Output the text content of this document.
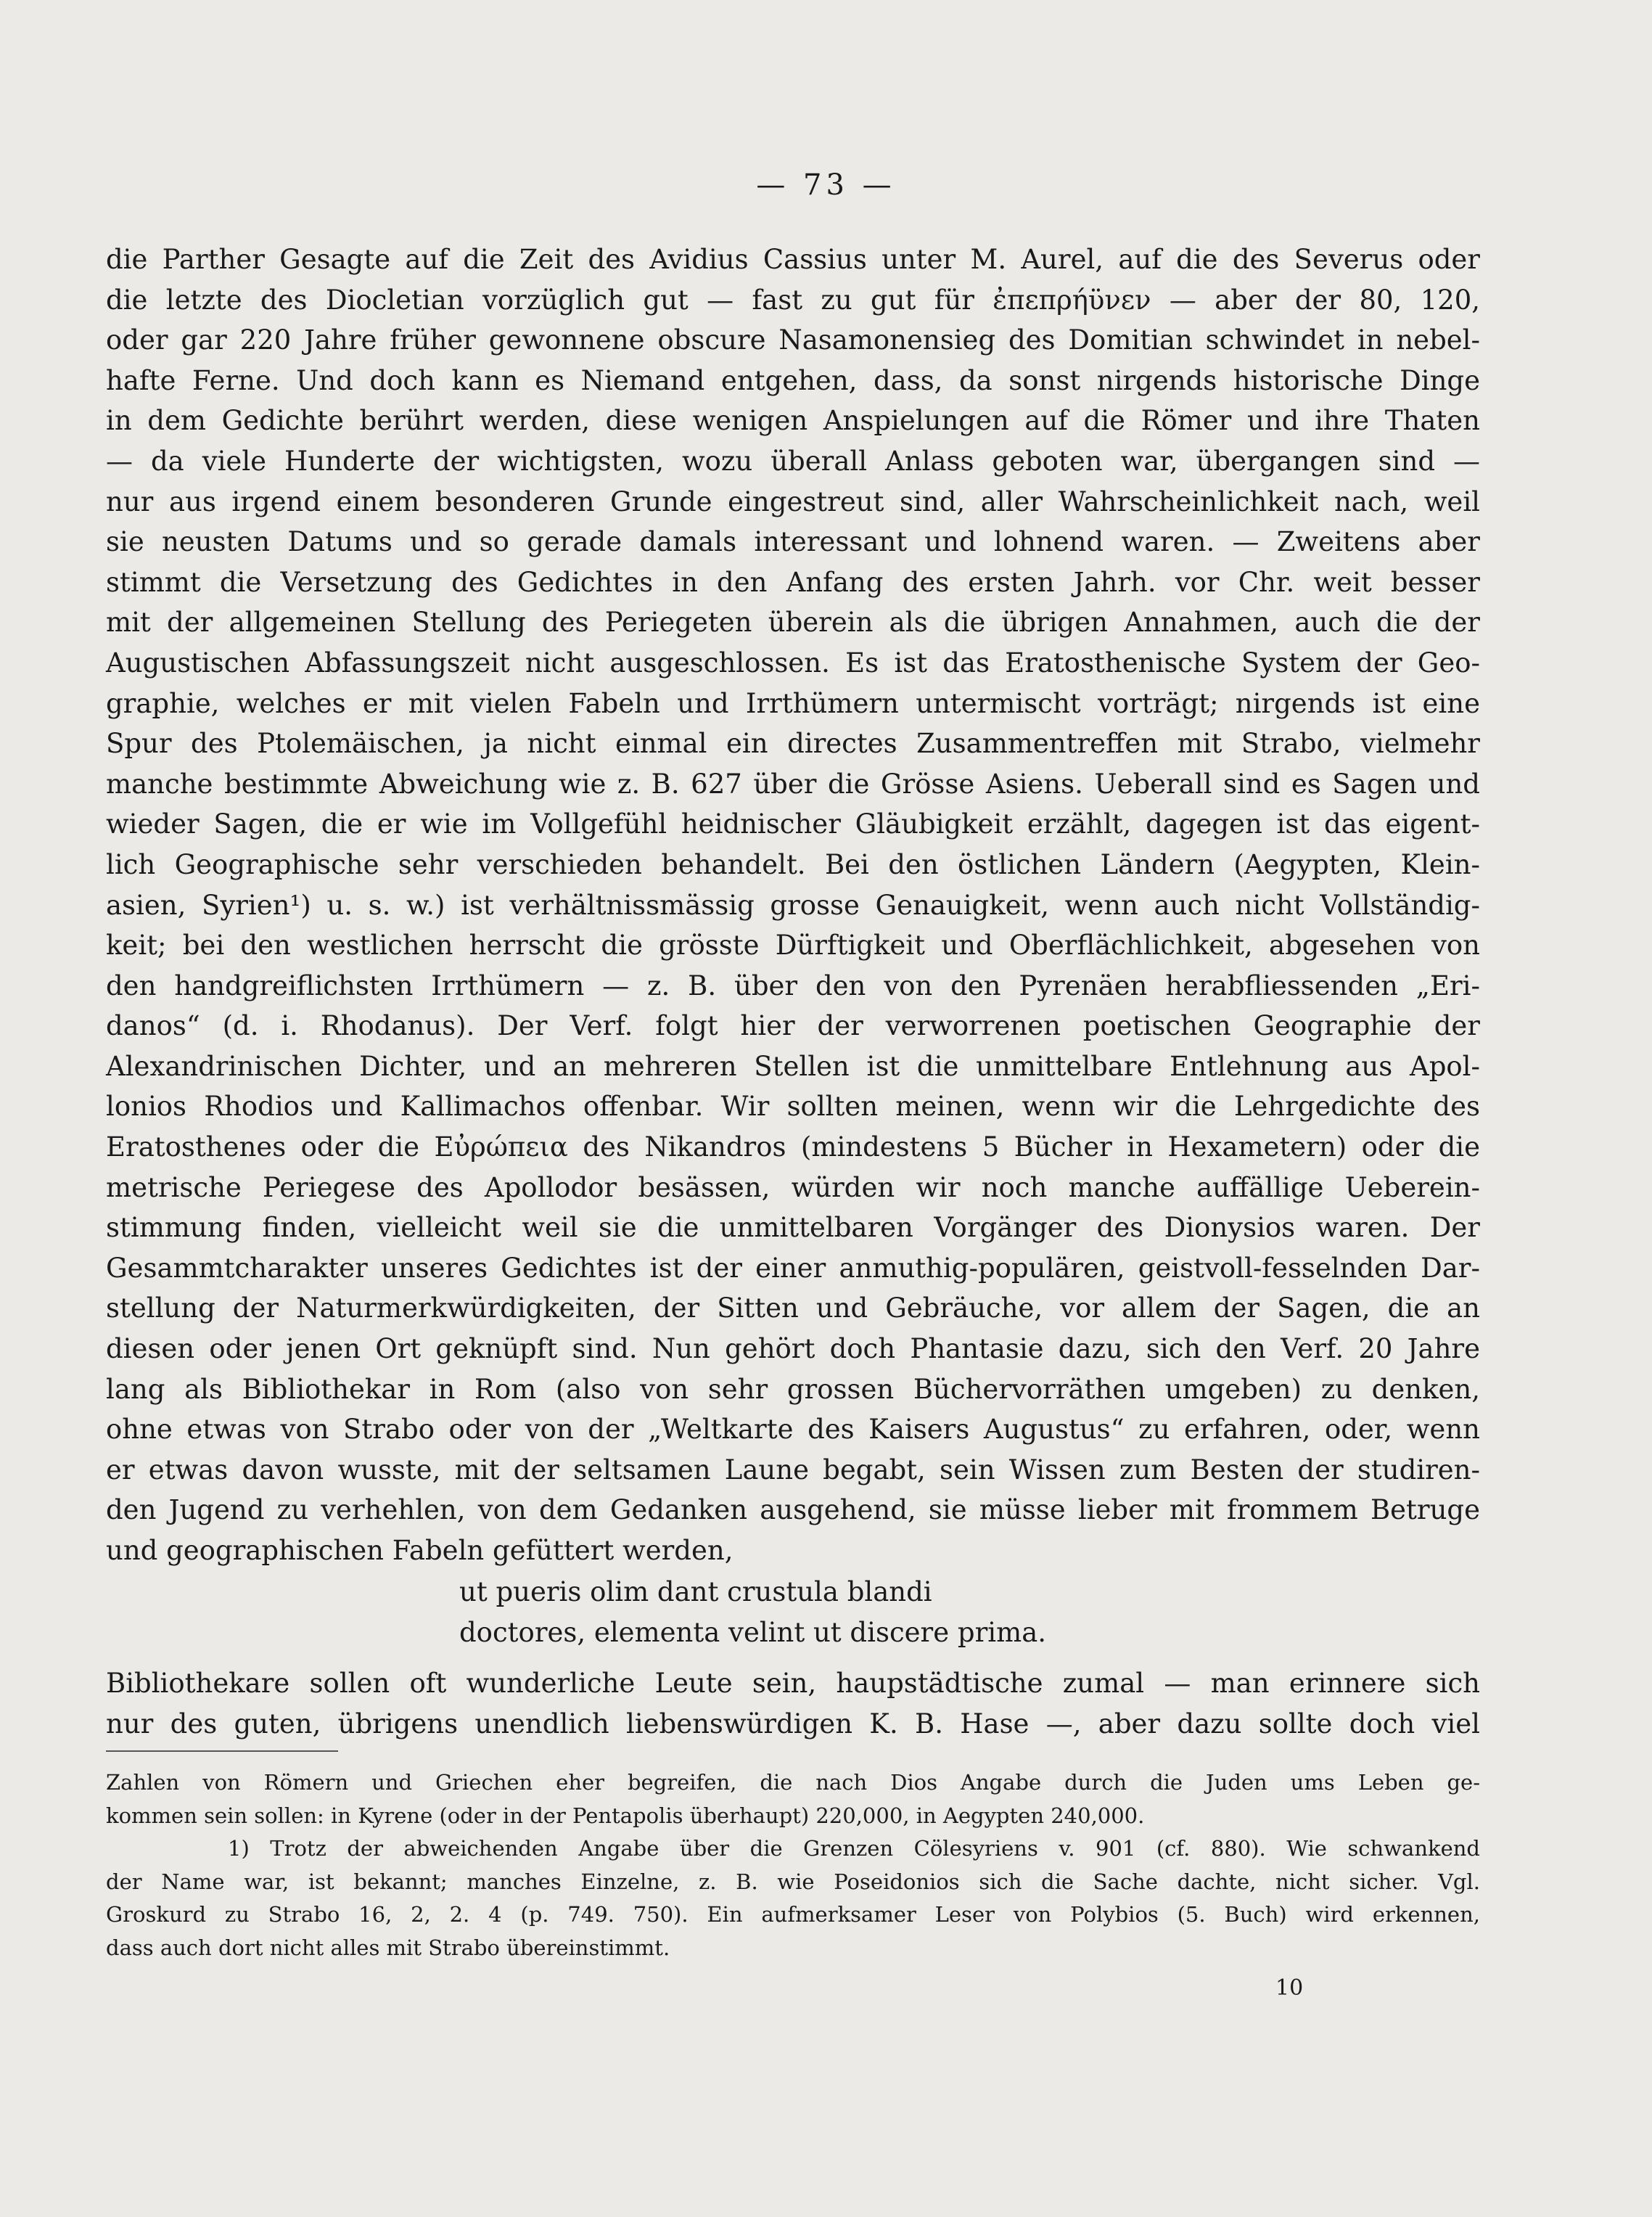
— 73 —
die Parther Gesagte auf die Zeit des Avidius Cassius unter M. Aurel, auf die des Severus oder
die letzte des Diocletian vorzüglich gut — fast zu gut für ἐπεπρήϋνεν — aber der 80, 120,
oder gar 220 Jahre früher gewonnene obscure Nasamonensieg des Domitian schwindet in nebel-
hafte Ferne. Und doch kann es Niemand entgehen, dass, da sonst nirgends historische Dinge
in dem Gedichte berührt werden, diese wenigen Anspielungen auf die Römer und ihre Thaten
— da viele Hunderte der wichtigsten, wozu überall Anlass geboten war, übergangen sind —
nur aus irgend einem besonderen Grunde eingestreut sind, aller Wahrscheinlichkeit nach, weil
sie neusten Datums und so gerade damals interessant und lohnend waren. — Zweitens aber
stimmt die Versetzung des Gedichtes in den Anfang des ersten Jahrh. vor Chr. weit besser
mit der allgemeinen Stellung des Periegeten überein als die übrigen Annahmen, auch die der
Augustischen Abfassungszeit nicht ausgeschlossen. Es ist das Eratosthenische System der Geo-
graphie, welches er mit vielen Fabeln und Irrthümern untermischt vorträgt; nirgends ist eine
Spur des Ptolemäischen, ja nicht einmal ein directes Zusammentreffen mit Strabo, vielmehr
manche bestimmte Abweichung wie z. B. 627 über die Grösse Asiens. Ueberall sind es Sagen und
wieder Sagen, die er wie im Vollgefühl heidnischer Gläubigkeit erzählt, dagegen ist das eigent-
lich Geographische sehr verschieden behandelt. Bei den östlichen Ländern (Aegypten, Klein-
asien, Syrien¹) u. s. w.) ist verhältnissmässig grosse Genauigkeit, wenn auch nicht Vollständig-
keit; bei den westlichen herrscht die grösste Dürftigkeit und Oberflächlichkeit, abgesehen von
den handgreiflichsten Irrthümern — z. B. über den von den Pyrenäen herabfliessenden „Eri-
danos“ (d. i. Rhodanus). Der Verf. folgt hier der verworrenen poetischen Geographie der
Alexandrinischen Dichter, und an mehreren Stellen ist die unmittelbare Entlehnung aus Apol-
lonios Rhodios und Kallimachos offenbar. Wir sollten meinen, wenn wir die Lehrgedichte des
Eratosthenes oder die Εὐρώπεια des Nikandros (mindestens 5 Bücher in Hexametern) oder die
metrische Periegese des Apollodor besässen, würden wir noch manche auffällige Ueberein-
stimmung finden, vielleicht weil sie die unmittelbaren Vorgänger des Dionysios waren. Der
Gesammtcharakter unseres Gedichtes ist der einer anmuthig-populären, geistvoll-fesselnden Dar-
stellung der Naturmerkwürdigkeiten, der Sitten und Gebräuche, vor allem der Sagen, die an
diesen oder jenen Ort geknüpft sind. Nun gehört doch Phantasie dazu, sich den Verf. 20 Jahre
lang als Bibliothekar in Rom (also von sehr grossen Büchervorräthen umgeben) zu denken,
ohne etwas von Strabo oder von der „Weltkarte des Kaisers Augustus“ zu erfahren, oder, wenn
er etwas davon wusste, mit der seltsamen Laune begabt, sein Wissen zum Besten der studiren-
den Jugend zu verhehlen, von dem Gedanken ausgehend, sie müsse lieber mit frommem Betruge
und geographischen Fabeln gefüttert werden,
ut pueris olim dant crustula blandi
doctores, elementa velint ut discere prima.
Bibliothekare sollen oft wunderliche Leute sein, haupstädtische zumal — man erinnere sich
nur des guten, übrigens unendlich liebenswürdigen K. B. Hase —, aber dazu sollte doch viel
Zahlen von Römern und Griechen eher begreifen, die nach Dios Angabe durch die Juden ums Leben ge-
kommen sein sollen: in Kyrene (oder in der Pentapolis überhaupt) 220,000, in Aegypten 240,000.
1) Trotz der abweichenden Angabe über die Grenzen Cölesyriens v. 901 (cf. 880). Wie schwankend
der Name war, ist bekannt; manches Einzelne, z. B. wie Poseidonios sich die Sache dachte, nicht sicher. Vgl.
Groskurd zu Strabo 16, 2, 2. 4 (p. 749. 750). Ein aufmerksamer Leser von Polybios (5. Buch) wird erkennen,
dass auch dort nicht alles mit Strabo übereinstimmt.
10
